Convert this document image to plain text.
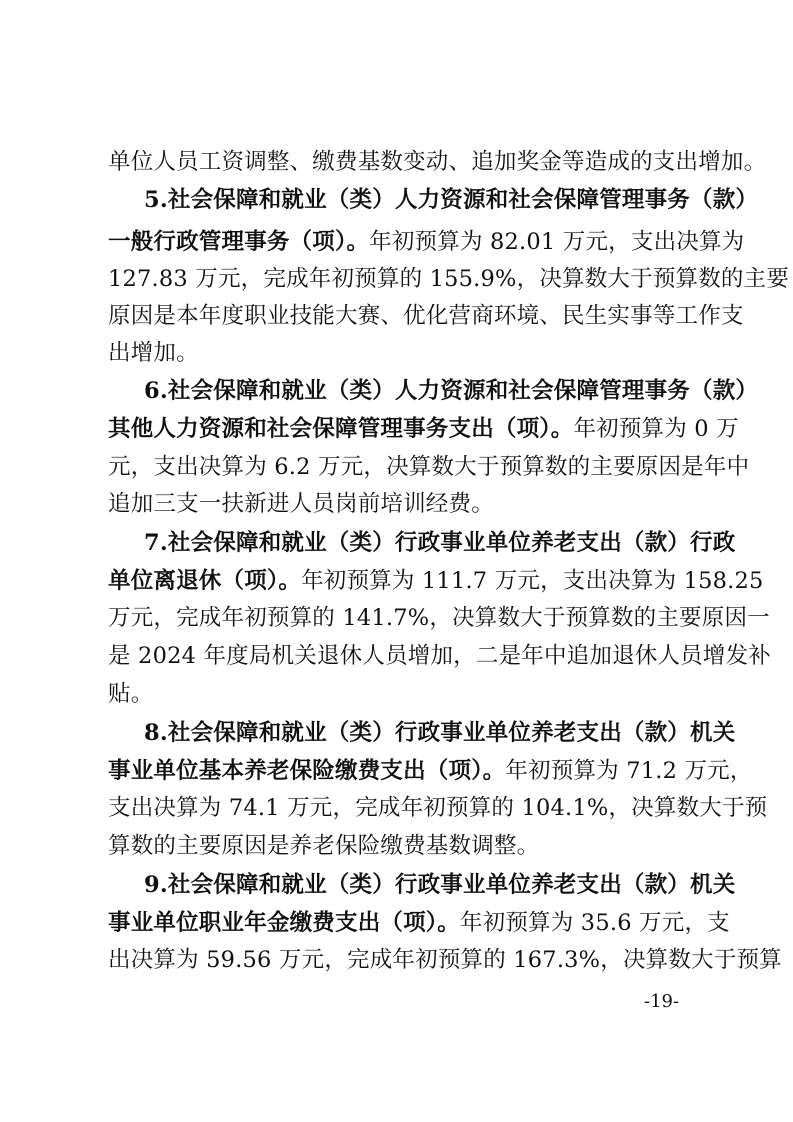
单位人员工资调整、缴费基数变动、追加奖金等造成的支出增加。
5.社会保障和就业（类）人力资源和社会保障管理事务（款）
一般行政管理事务（项）。年初预算为 82.01 万元，支出决算为
127.83 万元，完成年初预算的 155.9%，决算数大于预算数的主要
原因是本年度职业技能大赛、优化营商环境、民生实事等工作支
出增加。
6.社会保障和就业（类）人力资源和社会保障管理事务（款）
其他人力资源和社会保障管理事务支出（项）。年初预算为 0 万
元，支出决算为 6.2 万元，决算数大于预算数的主要原因是年中
追加三支一扶新进人员岗前培训经费。
7.社会保障和就业（类）行政事业单位养老支出（款）行政
单位离退休（项）。年初预算为 111.7 万元，支出决算为 158.25
万元，完成年初预算的 141.7%，决算数大于预算数的主要原因一
是 2024 年度局机关退休人员增加，二是年中追加退休人员增发补
贴。
8.社会保障和就业（类）行政事业单位养老支出（款）机关
事业单位基本养老保险缴费支出（项）。年初预算为 71.2 万元，
支出决算为 74.1 万元，完成年初预算的 104.1%，决算数大于预
算数的主要原因是养老保险缴费基数调整。
9.社会保障和就业（类）行政事业单位养老支出（款）机关
事业单位职业年金缴费支出（项）。年初预算为 35.6 万元，支
出决算为 59.56 万元，完成年初预算的 167.3%，决算数大于预算
-19-
